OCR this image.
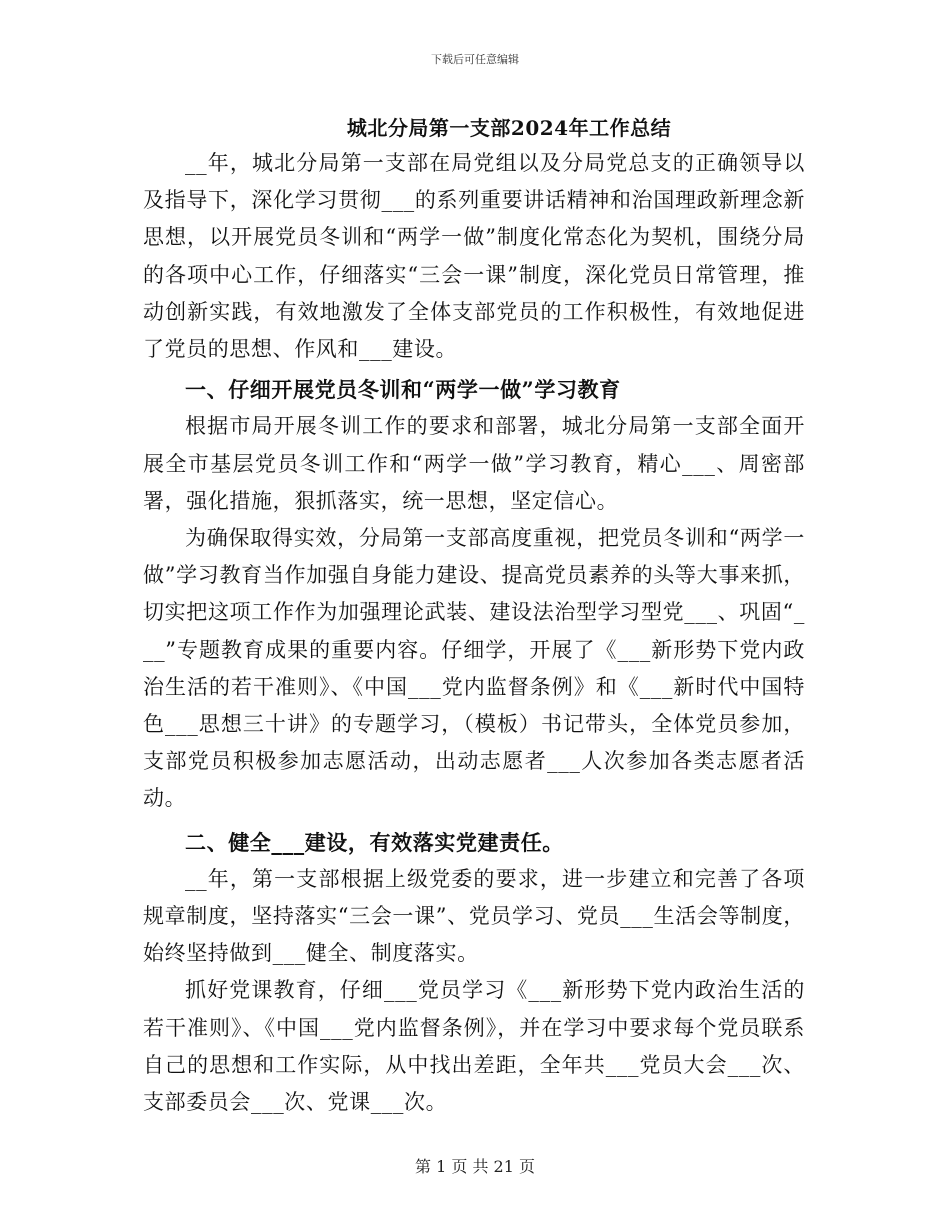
下载后可任意编辑
城北分局第一支部2024年工作总结

__年，城北分局第一支部在局党组以及分局党总支的正确领导以及指导下，深化学习贯彻___的系列重要讲话精神和治国理政新理念新思想，以开展党员冬训和“两学一做”制度化常态化为契机，围绕分局的各项中心工作，仔细落实“三会一课”制度，深化党员日常管理，推动创新实践，有效地激发了全体支部党员的工作积极性，有效地促进了党员的思想、作风和___建设。

一、仔细开展党员冬训和“两学一做”学习教育

根据市局开展冬训工作的要求和部署，城北分局第一支部全面开展全市基层党员冬训工作和“两学一做”学习教育，精心___、周密部署，强化措施，狠抓落实，统一思想，坚定信心。

为确保取得实效，分局第一支部高度重视，把党员冬训和“两学一做”学习教育当作加强自身能力建设、提高党员素养的头等大事来抓，切实把这项工作作为加强理论武装、建设法治型学习型党___、巩固“___”专题教育成果的重要内容。仔细学，开展了《___新形势下党内政治生活的若干准则》、《中国___党内监督条例》和《___新时代中国特色___思想三十讲》的专题学习，（模板）书记带头，全体党员参加，支部党员积极参加志愿活动，出动志愿者___人次参加各类志愿者活动。

二、健全___建设，有效落实党建责任。

__年，第一支部根据上级党委的要求，进一步建立和完善了各项规章制度，坚持落实“三会一课”、党员学习、党员___生活会等制度，始终坚持做到___健全、制度落实。

抓好党课教育，仔细___党员学习《___新形势下党内政治生活的若干准则》、《中国___党内监督条例》，并在学习中要求每个党员联系自己的思想和工作实际，从中找出差距，全年共___党员大会___次、支部委员会___次、党课___次。

第 1 页 共 21 页
